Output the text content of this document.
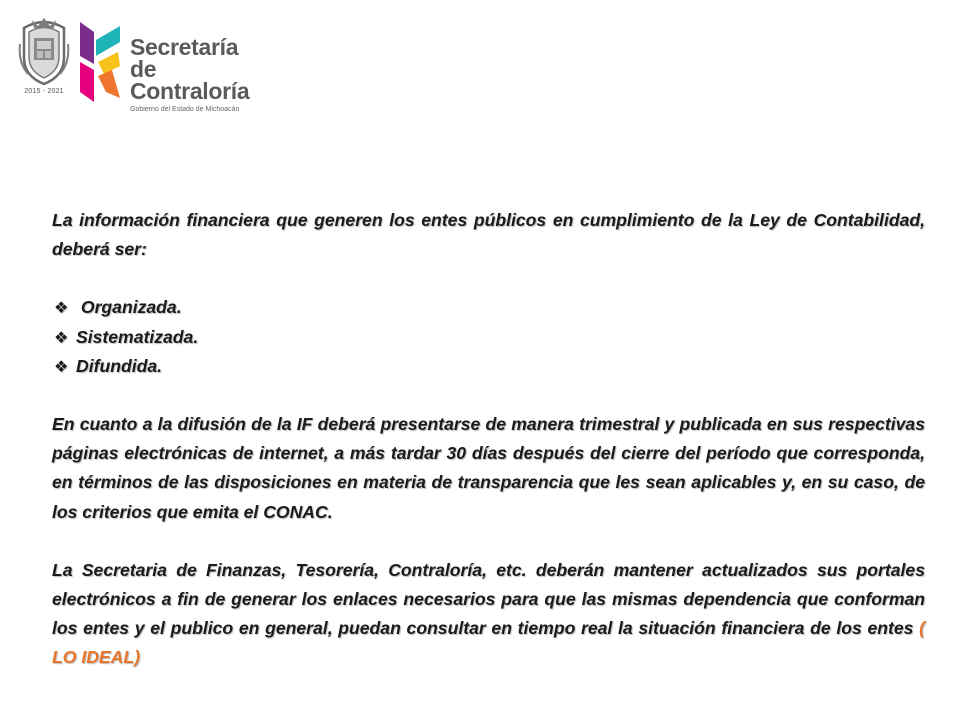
2015 - 2021
Secretaría
de Contraloría
Gobierno del Estado de Michoacán

La información financiera que generen los entes públicos en cumplimiento de la Ley de Contabilidad, deberá ser:

❖ Organizada.
❖ Sistematizada.
❖ Difundida.

En cuanto a la difusión de la IF deberá presentarse de manera trimestral y publicada en sus respectivas páginas electrónicas de internet, a más tardar 30 días después del cierre del período que corresponda, en términos de las disposiciones en materia de transparencia que les sean aplicables y, en su caso, de los criterios que emita el CONAC.

La Secretaria de Finanzas, Tesorería, Contraloría, etc. deberán mantener actualizados sus portales electrónicos a fin de generar los enlaces necesarios para que las mismas dependencia que conforman los entes y el publico en general, puedan consultar en tiempo real la situación financiera de los entes ( LO IDEAL)
